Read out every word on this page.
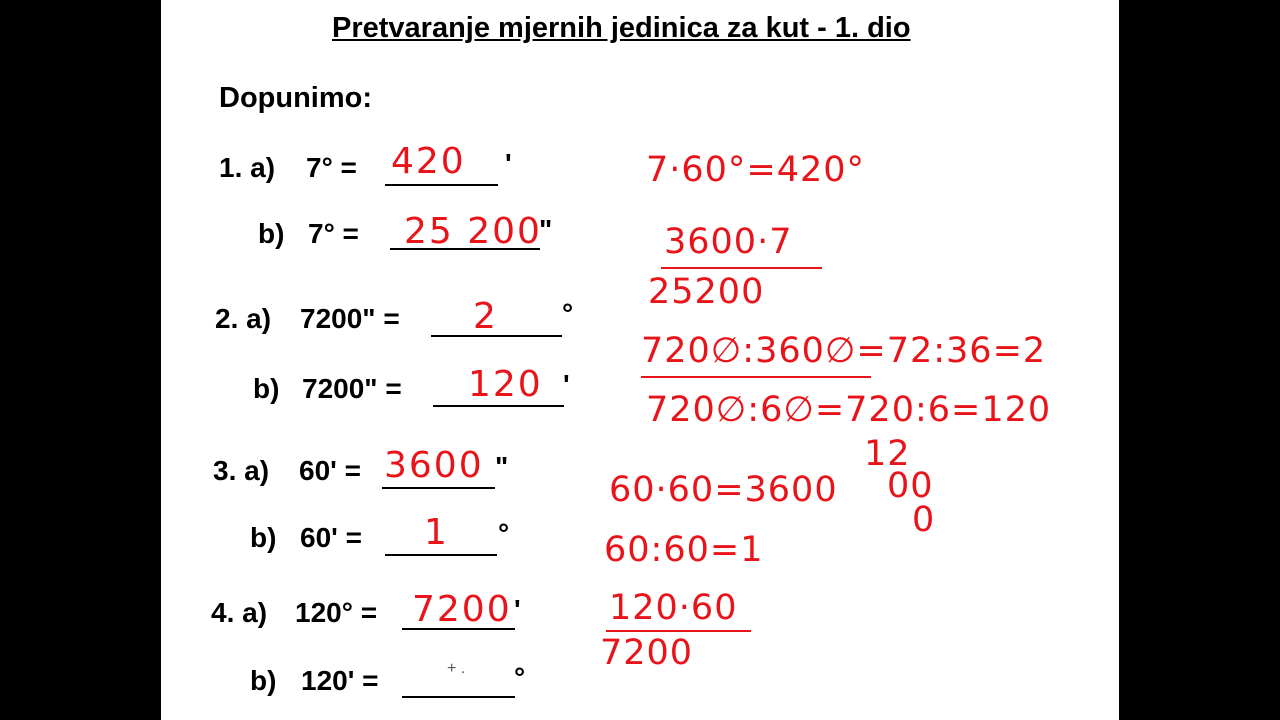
Pretvaranje mjernih jedinica za kut - 1. dio
Dopunimo:
1. a) 7° = 420 '
b) 7° = 25 200
"
2. a) 7200" = 2 °
b) 7200" = 120 '
3. a) 60' = 3600 "
b) 60' = 1 °
4. a) 120° = 7200 '
b) 120' =	+ . °
7·60°=420°
3600·7
25200
720∅:360∅=72:36=2
720∅:6∅=720:6=120
12
00
0
60·60=3600
60:60=1
120·60
7200
